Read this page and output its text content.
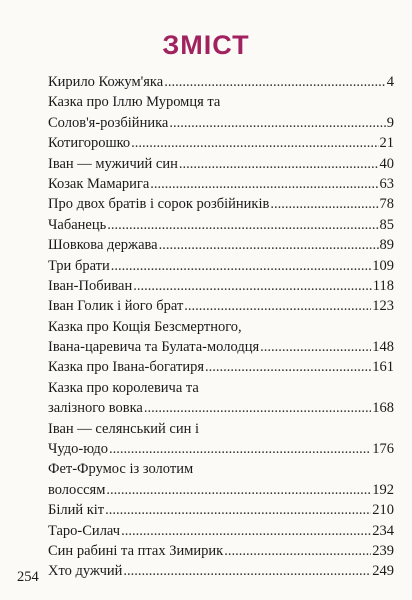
ЗМІСТ
Кирило Кожум'яка .....	4
Казка про Іллю Муромця та
Солов'я-розбійника .....	9
Котигорошко .....	21
Іван — мужичий син .....	40
Козак Мамарига .....	63
Про двох братів і сорок розбійників .....	78
Чабанець .....	85
Шовкова держава .....	89
Три брати .....	109
Іван-Побиван .....	118
Іван Голик і його брат .....	123
Казка про Кощія Безсмертного,
Івана-царевича та Булата-молодця .....	148
Казка про Івана-богатиря .....	161
Казка про королевича та
залізного вовка .....	168
Іван — селянський син і
Чудо-юдо .....	176
Фет-Фрумос із золотим
волоссям .....	192
Білий кіт .....	210
Таро-Силач .....	234
Син рабині та птах Зимирик .....	239
Хто дужчий .....	249
254
